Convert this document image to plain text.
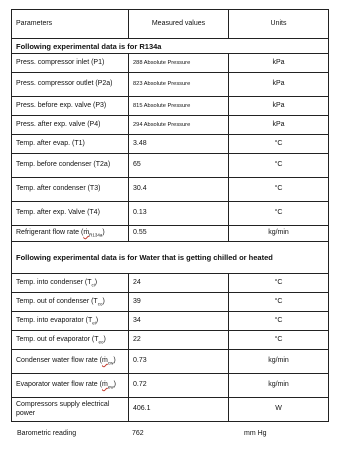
Parameters	Measured values	Units
Following experimental data is for R134a		
Press. compressor inlet (P1)	288 Absolute Pressure	kPa
Press. compressor outlet (P2a)	823 Absolute Pressure	kPa
Press. before exp. valve (P3)	815 Absolute Pressure	kPa
Press. after exp. valve (P4)	294 Absolute Pressure	kPa
Temp. after evap. (T1)	3.48	°C
Temp. before condenser (T2a)	65	°C
Temp. after condenser (T3)	30.4	°C
Temp. after exp. Valve (T4)	0.13	°C
Refrigerant flow rate (ṁ$_{R134a}$)	0.55	kg/min
Following experimental data is for Water that is getting chilled or heated		
Temp. into condenser $(T_{ci})$	24	°C
Temp. out of condenser $(T_{co})$	39	°C
Temp. into evaporator $(T_{ei})$	34	°C
Temp. out of evaporator $(T_{eo})$	22	°C
Condenser water flow rate (ṁ$_{cw}$)	0.73	kg/min
Evaporator water flow rate (ṁ$_{ew}$)	0.72	kg/min
Compressors supply electrical power	406.1	W
Barometric reading	762	mm Hg
